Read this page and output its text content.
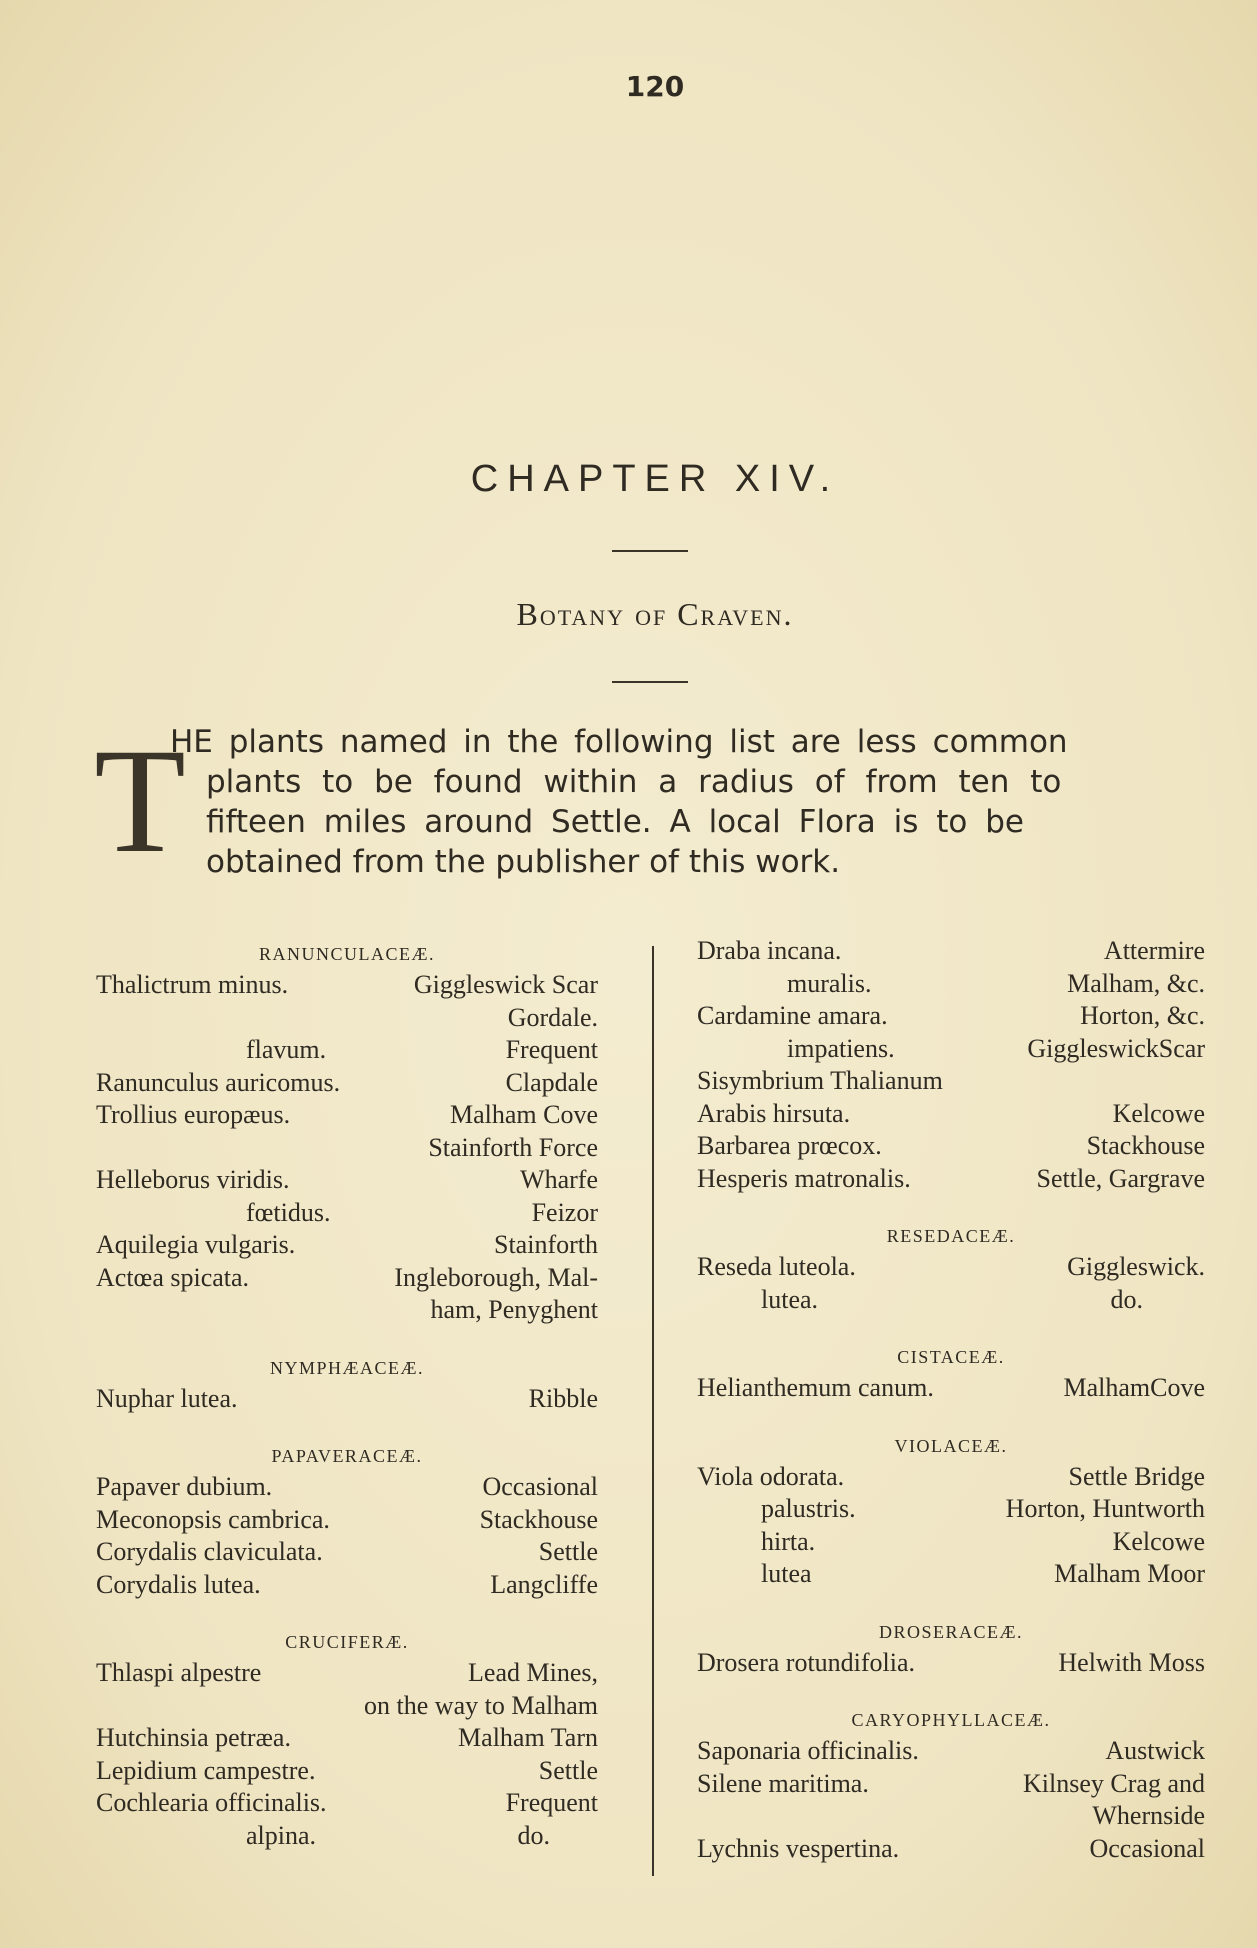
120
CHAPTER XIV.
Botany of Craven.
T
HE plants named in the following list are less common
plants to be found within a radius of from ten to
fifteen miles around Settle. A local Flora is to be
obtained from the publisher of this work.
RANUNCULACEÆ.
Thalictrum minus.	Giggleswick Scar
Gordale.
flavum.	Frequent
Ranunculus auricomus.	Clapdale
Trollius europæus.	Malham Cove
Stainforth Force
Helleborus viridis.	Wharfe
fœtidus.	Feizor
Aquilegia vulgaris.	Stainforth
Actœa spicata.	Ingleborough, Mal-
ham, Penyghent
NYMPHÆACEÆ.
Nuphar lutea.	Ribble
PAPAVERACEÆ.
Papaver dubium.	Occasional
Meconopsis cambrica.	Stackhouse
Corydalis claviculata.	Settle
Corydalis lutea.	Langcliffe
CRUCIFERÆ.
Thlaspi alpestre	Lead Mines,
on the way to Malham
Hutchinsia petræa.	Malham Tarn
Lepidium campestre.	Settle
Cochlearia officinalis.	Frequent
alpina.	do.
Draba incana.	Attermire
muralis.	Malham, &c.
Cardamine amara.	Horton, &c.
impatiens.	GiggleswickScar
Sisymbrium Thalianum
Arabis hirsuta.	Kelcowe
Barbarea prœcox.	Stackhouse
Hesperis matronalis.	Settle, Gargrave
RESEDACEÆ.
Reseda luteola.	Giggleswick.
lutea.	do.
CISTACEÆ.
Helianthemum canum.	MalhamCove
VIOLACEÆ.
Viola odorata.	Settle Bridge
palustris.	Horton, Huntworth
hirta.	Kelcowe
lutea	Malham Moor
DROSERACEÆ.
Drosera rotundifolia.	Helwith Moss
CARYOPHYLLACEÆ.
Saponaria officinalis.	Austwick
Silene maritima.	Kilnsey Crag and
Whernside
Lychnis vespertina.	Occasional
